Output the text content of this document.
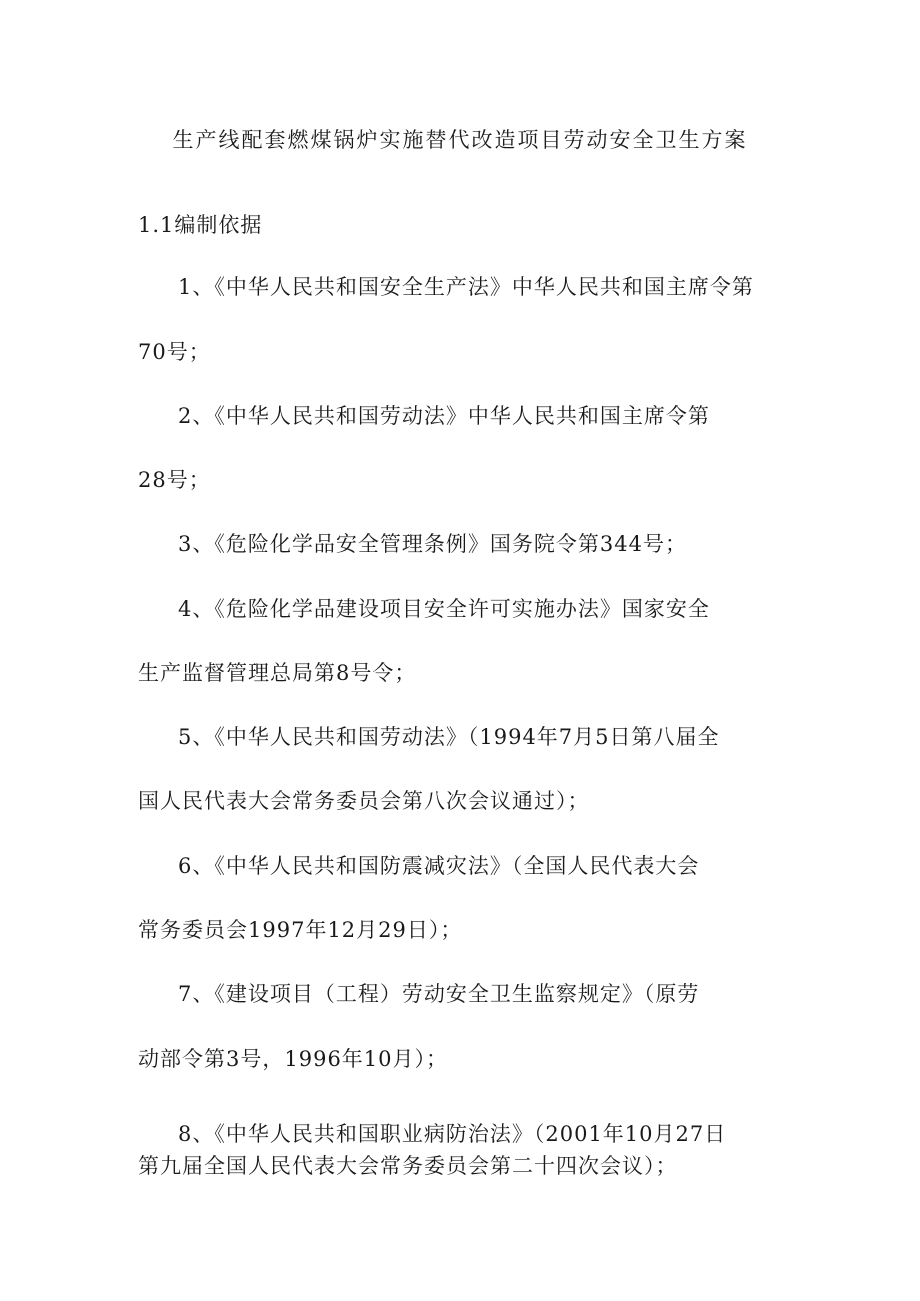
生产线配套燃煤锅炉实施替代改造项目劳动安全卫生方案
1.1编制依据
1、《中华人民共和国安全生产法》中华人民共和国主席令第
70号；
2、《中华人民共和国劳动法》中华人民共和国主席令第
28号；
3、《危险化学品安全管理条例》国务院令第344号；
4、《危险化学品建设项目安全许可实施办法》国家安全
生产监督管理总局第8号令；
5、《中华人民共和国劳动法》（1994年7月5日第八届全
国人民代表大会常务委员会第八次会议通过）；
6、《中华人民共和国防震减灾法》（全国人民代表大会
常务委员会1997年12月29日）；
7、《建设项目（工程）劳动安全卫生监察规定》（原劳
动部令第3号，1996年10月）；
8、《中华人民共和国职业病防治法》（2001年10月27日
第九届全国人民代表大会常务委员会第二十四次会议）；
